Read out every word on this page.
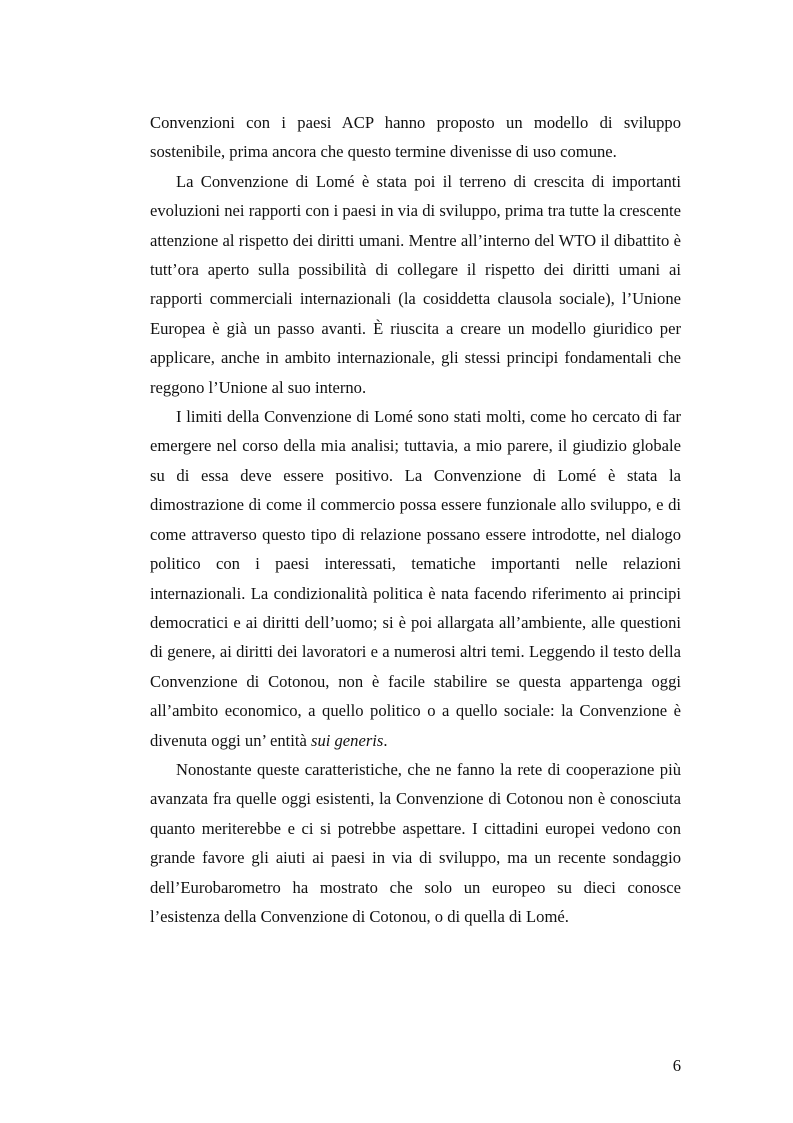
Convenzioni con i paesi ACP hanno proposto un modello di sviluppo sostenibile, prima ancora che questo termine divenisse di uso comune.

La Convenzione di Lomé è stata poi il terreno di crescita di importanti evoluzioni nei rapporti con i paesi in via di sviluppo, prima tra tutte la crescente attenzione al rispetto dei diritti umani. Mentre all’interno del WTO il dibattito è tutt’ora aperto sulla possibilità di collegare il rispetto dei diritti umani ai rapporti commerciali internazionali (la cosiddetta clausola sociale), l’Unione Europea è già un passo avanti. È riuscita a creare un modello giuridico per applicare, anche in ambito internazionale, gli stessi principi fondamentali che reggono l’Unione al suo interno.

I limiti della Convenzione di Lomé sono stati molti, come ho cercato di far emergere nel corso della mia analisi; tuttavia, a mio parere, il giudizio globale su di essa deve essere positivo. La Convenzione di Lomé è stata la dimostrazione di come il commercio possa essere funzionale allo sviluppo, e di come attraverso questo tipo di relazione possano essere introdotte, nel dialogo politico con i paesi interessati, tematiche importanti nelle relazioni internazionali. La condizionalità politica è nata facendo riferimento ai principi democratici e ai diritti dell’uomo; si è poi allargata all’ambiente, alle questioni di genere, ai diritti dei lavoratori e a numerosi altri temi. Leggendo il testo della Convenzione di Cotonou, non è facile stabilire se questa appartenga oggi all’ambito economico, a quello politico o a quello sociale: la Convenzione è divenuta oggi un’ entità sui generis.

Nonostante queste caratteristiche, che ne fanno la rete di cooperazione più avanzata fra quelle oggi esistenti, la Convenzione di Cotonou non è conosciuta quanto meriterebbe e ci si potrebbe aspettare. I cittadini europei vedono con grande favore gli aiuti ai paesi in via di sviluppo, ma un recente sondaggio dell’Eurobarometro ha mostrato che solo un europeo su dieci conosce l’esistenza della Convenzione di Cotonou, o di quella di Lomé.

6
